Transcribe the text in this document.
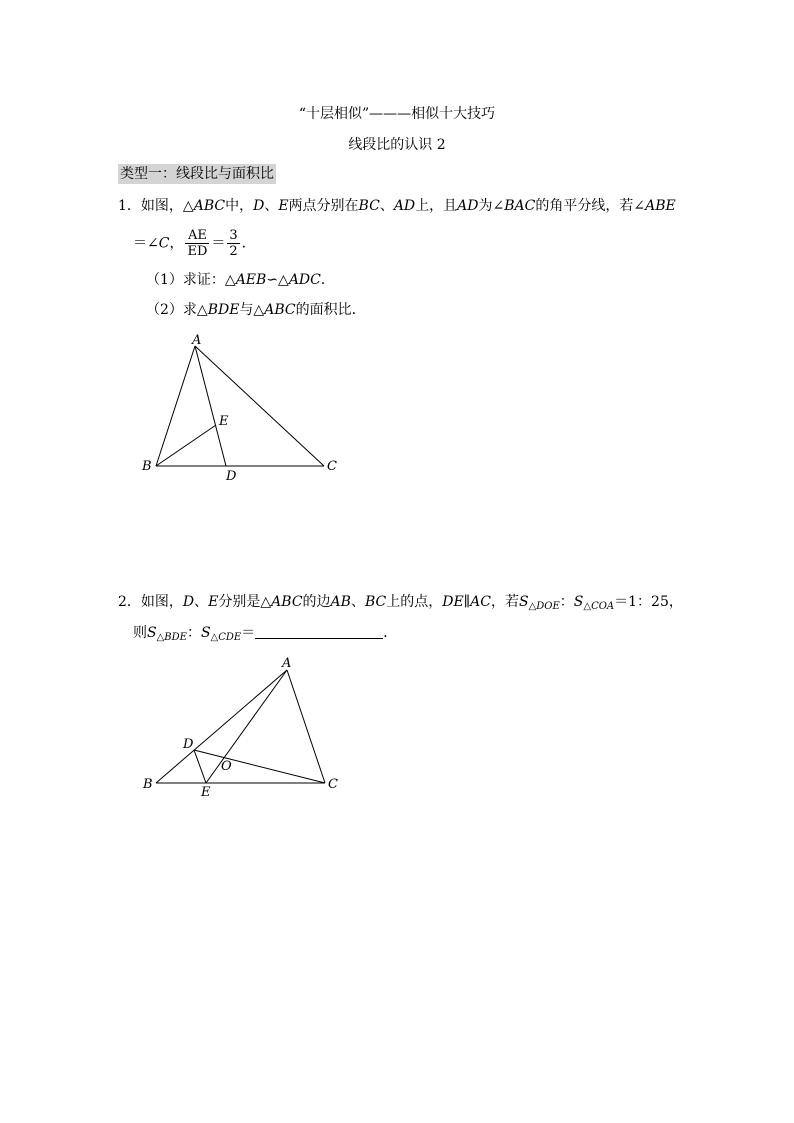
“十层相似”———相似十大技巧
线段比的认识 2
类型一：线段比与面积比
1．如图，△ABC中，D、E两点分别在BC、AD上，且AD为∠BAC的角平分线，若∠ABE
＝∠C， $\frac{AE}{ED} = \frac{3}{2}$ ．
（1）求证：△AEB∽△ADC．
（2）求△BDE与△ABC的面积比．
A
B	C
D
E
2．如图，D、E分别是△ABC的边AB、BC上的点，DE∥AC，若$S_{\triangle DOE}$：$S_{\triangle COA}=1$：25，
则$S_{\triangle BDE}$：$S_{\triangle CDE}=$	．
A
B	C
D
E
O
